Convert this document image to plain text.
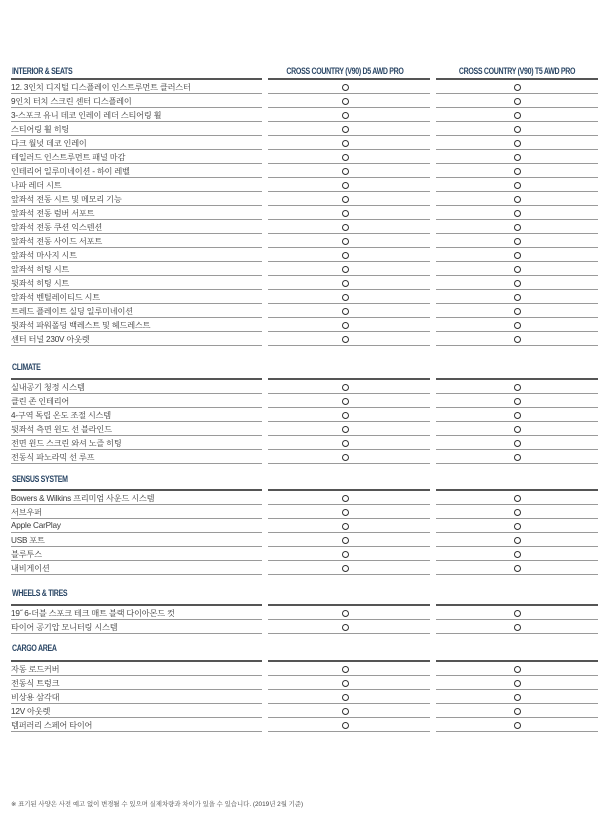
CROSS COUNTRY (V90) D5 AWD PRO	CROSS COUNTRY (V90) T5 AWD PRO
※ 표기된 사양은 사전 예고 없이 변경될 수 있으며 실제차량과 차이가 있을 수 있습니다. (2019년 2월 기준)
INTERIOR & SEATS
12. 3인치 디지털 디스플레이 인스트루먼트 클러스터
9인치 터치 스크린 센터 디스플레이
3-스포크 유니 데코 인레이 레더 스티어링 휠
스티어링 휠 히팅
다크 월넛 데코 인레이
테일러드 인스트루먼트 패널 마감
인테리어 일루미네이션 - 하이 레벨
나파 레더 시트
앞좌석 전동 시트 및 메모리 기능
앞좌석 전동 럼버 서포트
앞좌석 전동 쿠션 익스텐션
앞좌석 전동 사이드 서포트
앞좌석 마사지 시트
앞좌석 히팅 시트
뒷좌석 히팅 시트
앞좌석 벤틸레이티드 시트
트레드 플레이트 실딩 일루미네이션
뒷좌석 파워폴딩 백레스트 및 헤드레스트
센터 터널 230V 아웃렛
CLIMATE
실내공기 청정 시스템
클린 존 인테리어
4-구역 독립 온도 조절 시스템
뒷좌석 측면 윈도 선 블라인드
전면 윈드 스크린 와셔 노즐 히팅
전동식 파노라믹 선 루프
SENSUS SYSTEM
Bowers & Wilkins 프리미엄 사운드 시스템
서브우퍼
Apple CarPlay
USB 포트
블루투스
내비게이션
WHEELS & TIRES
19˝ 6-더블 스포크 테크 매트 블랙 다이아몬드 컷
타이어 공기압 모니터링 시스템
CARGO AREA
자동 로드커버
전동식 트렁크
비상용 삼각대
12V 아웃렛
템퍼러리 스페어 타이어
